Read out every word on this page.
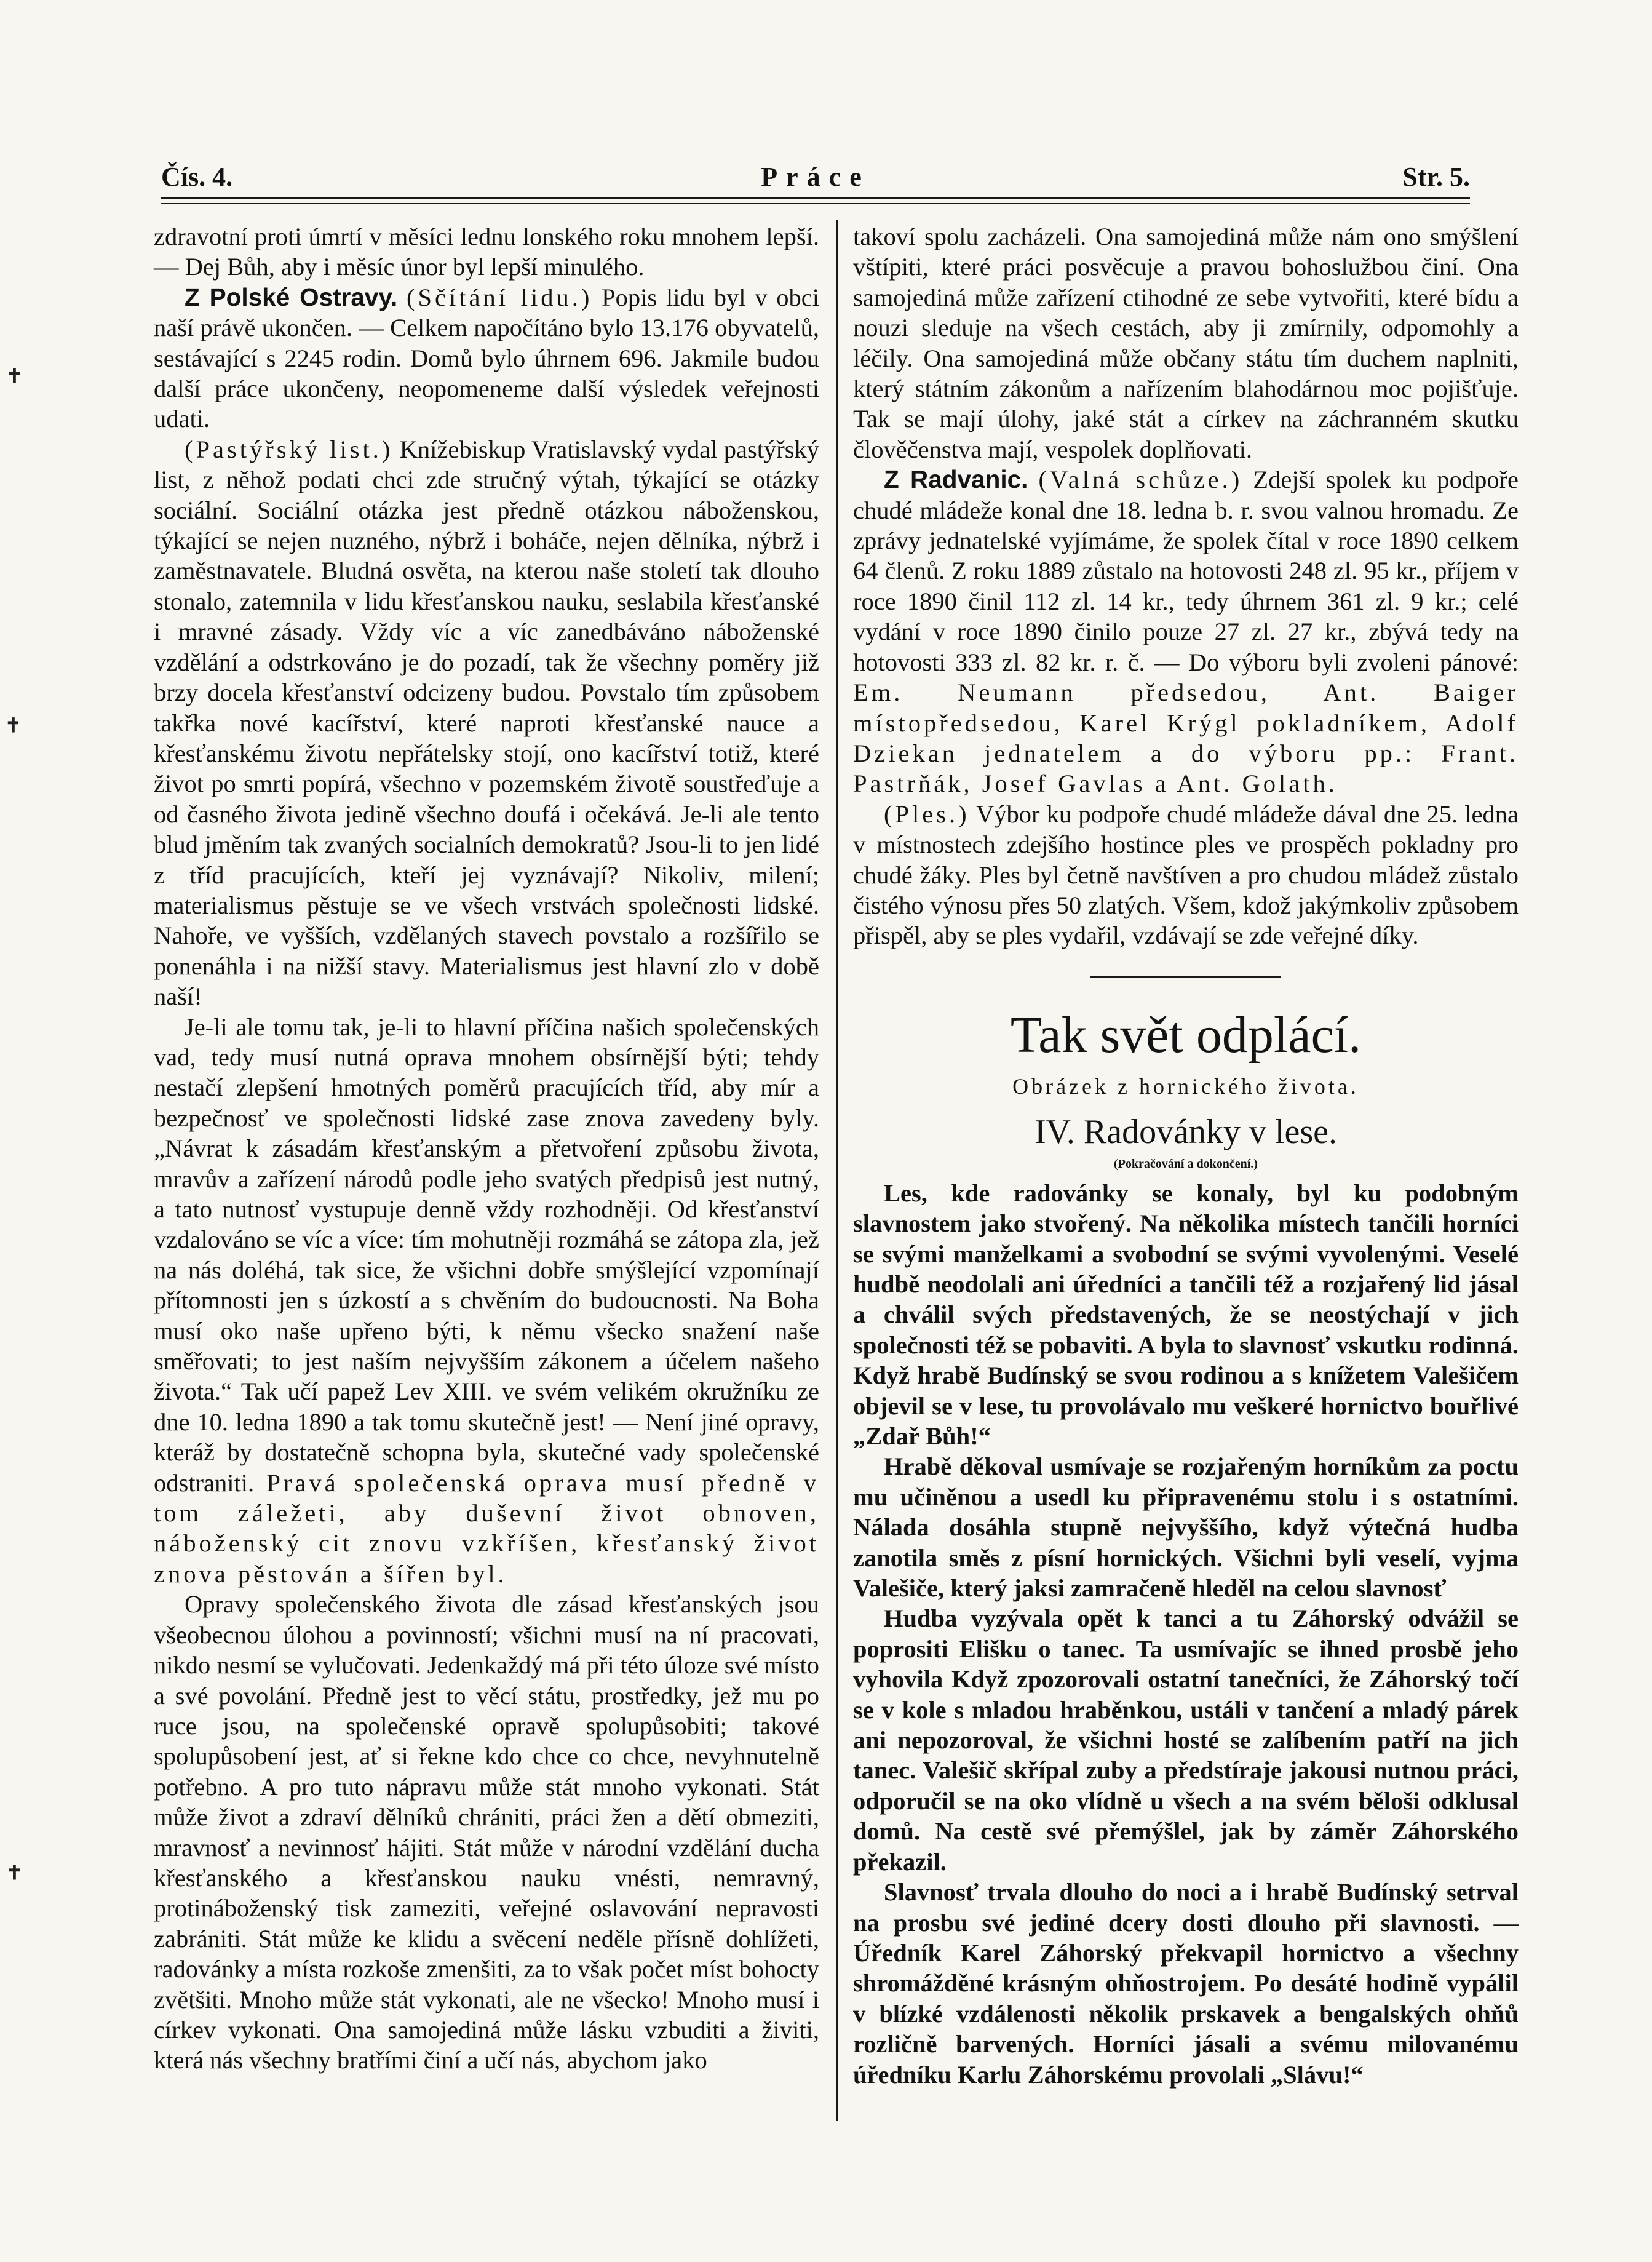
Čís. 4.	Práce	Str. 5.
✝
✝
✝

zdravotní proti úmrtí v měsíci lednu lonského roku mnohem lepší. — Dej Bůh, aby i měsíc únor byl lepší minulého.

Z Polské Ostravy. (Sčítání lidu.) Popis lidu byl v obci naší právě ukončen. — Celkem napočítáno bylo 13.176 obyvatelů, sestávající s 2245 rodin. Domů bylo úhrnem 696. Jakmile budou další práce ukončeny, neopomeneme další výsledek veřejnosti udati.

(Pastýřský list.) Knížebiskup Vratislavský vydal pastýřský list, z něhož podati chci zde stručný výtah, týkající se otázky sociální. Sociální otázka jest předně otázkou náboženskou, týkající se nejen nuzného, nýbrž i boháče, nejen dělníka, nýbrž i zaměstnavatele. Bludná osvěta, na kterou naše století tak dlouho stonalo, zatemnila v lidu křesťanskou nauku, seslabila křesťanské i mravné zásady. Vždy víc a víc zanedbáváno náboženské vzdělání a odstrkováno je do pozadí, tak že všechny poměry již brzy docela křesťanství odcizeny budou. Povstalo tím způsobem takřka nové kacířství, které naproti křesťanské nauce a křesťanskému životu nepřátelsky stojí, ono kacířství totiž, které život po smrti popírá, všechno v pozemském životě soustřeďuje a od časného života jedině všechno doufá i očekává. Je-li ale tento blud jměním tak zvaných socialních demokratů? Jsou-li to jen lidé z tříd pracujících, kteří jej vyznávají? Nikoliv, milení; materialismus pěstuje se ve všech vrstvách společnosti lidské. Nahoře, ve vyšších, vzdělaných stavech povstalo a rozšířilo se ponenáhla i na nižší stavy. Materialismus jest hlavní zlo v době naší!

Je-li ale tomu tak, je-li to hlavní příčina našich společenských vad, tedy musí nutná oprava mnohem obsírnější býti; tehdy nestačí zlepšení hmotných poměrů pracujících tříd, aby mír a bezpečnosť ve společnosti lidské zase znova zavedeny byly. „Návrat k zásadám křesťanským a přetvoření způsobu života, mravův a zařízení národů podle jeho svatých předpisů jest nutný, a tato nutnosť vystupuje denně vždy rozhodněji. Od křesťanství vzdalováno se víc a více: tím mohutněji rozmáhá se zátopa zla, jež na nás doléhá, tak sice, že všichni dobře smýšlející vzpomínají přítomnosti jen s úzkostí a s chvěním do budoucnosti. Na Boha musí oko naše upřeno býti, k němu všecko snažení naše směřovati; to jest naším nejvyšším zákonem a účelem našeho života.“ Tak učí papež Lev XIII. ve svém velikém okružníku ze dne 10. ledna 1890 a tak tomu skutečně jest! — Není jiné opravy, kteráž by dostatečně schopna byla, skutečné vady společenské odstraniti. Pravá společenská oprava musí předně v tom záležeti, aby duševní život obnoven, náboženský cit znovu vzkříšen, křesťanský život znova pěstován a šířen byl.

Opravy společenského života dle zásad křesťanských jsou všeobecnou úlohou a povinností; všichni musí na ní pracovati, nikdo nesmí se vylučovati. Jedenkaždý má při této úloze své místo a své povolání. Předně jest to věcí státu, prostředky, jež mu po ruce jsou, na společenské opravě spolupůsobiti; takové spolupůsobení jest, ať si řekne kdo chce co chce, nevyhnutelně potřebno. A pro tuto nápravu může stát mnoho vykonati. Stát může život a zdraví dělníků chrániti, práci žen a dětí obmeziti, mravnosť a nevinnosť hájiti. Stát může v národní vzdělání ducha křesťanského a křesťanskou nauku vnésti, nemravný, protináboženský tisk zameziti, veřejné oslavování nepravosti zabrániti. Stát může ke klidu a svěcení neděle přísně dohlížeti, radovánky a místa rozkoše zmenšiti, za to však počet míst bohocty zvětšiti. Mnoho může stát vykonati, ale ne všecko! Mnoho musí i církev vykonati. Ona samojediná může lásku vzbuditi a živiti, která nás všechny bratřími činí a učí nás, abychom jako

takoví spolu zacházeli. Ona samojediná může nám ono smýšlení vštípiti, které práci posvěcuje a pravou bohoslužbou činí. Ona samojediná může zařízení ctihodné ze sebe vytvořiti, které bídu a nouzi sleduje na všech cestách, aby ji zmírnily, odpomohly a léčily. Ona samojediná může občany státu tím duchem naplniti, který státním zákonům a nařízením blahodárnou moc pojišťuje. Tak se mají úlohy, jaké stát a církev na záchranném skutku člověčenstva mají, vespolek doplňovati.

Z Radvanic. (Valná schůze.) Zdejší spolek ku podpoře chudé mládeže konal dne 18. ledna b. r. svou valnou hromadu. Ze zprávy jednatelské vyjímáme, že spolek čítal v roce 1890 celkem 64 členů. Z roku 1889 zůstalo na hotovosti 248 zl. 95 kr., příjem v roce 1890 činil 112 zl. 14 kr., tedy úhrnem 361 zl. 9 kr.; celé vydání v roce 1890 činilo pouze 27 zl. 27 kr., zbývá tedy na hotovosti 333 zl. 82 kr. r. č. — Do výboru byli zvoleni pánové: Em. Neumann předsedou, Ant. Baiger místopředsedou, Karel Krýgl pokladníkem, Adolf Dziekan jednatelem a do výboru pp.: Frant. Pastrňák, Josef Gavlas a Ant. Golath.

(Ples.) Výbor ku podpoře chudé mládeže dával dne 25. ledna v místnostech zdejšího hostince ples ve prospěch pokladny pro chudé žáky. Ples byl četně navštíven a pro chudou mládež zůstalo čistého výnosu přes 50 zlatých. Všem, kdož jakýmkoliv způsobem přispěl, aby se ples vydařil, vzdávají se zde veřejné díky.

Tak svět odplácí.
Obrázek z hornického života.
IV. Radovánky v lese.
(Pokračování a dokončení.)

Les, kde radovánky se konaly, byl ku podobným slavnostem jako stvořený. Na několika místech tančili horníci se svými manželkami a svobodní se svými vyvolenými. Veselé hudbě neodolali ani úředníci a tančili též a rozjařený lid jásal a chválil svých představených, že se neostýchají v jich společnosti též se pobaviti. A byla to slavnosť vskutku rodinná. Když hrabě Budínský se svou rodinou a s knížetem Valešičem objevil se v lese, tu provolávalo mu veškeré hornictvo bouřlivé „Zdař Bůh!“

Hrabě děkoval usmívaje se rozjařeným horníkům za poctu mu učiněnou a usedl ku připravenému stolu i s ostatními. Nálada dosáhla stupně nejvyššího, když výtečná hudba zanotila směs z písní hornických. Všichni byli veselí, vyjma Valešiče, který jaksi zamračeně hleděl na celou slavnosť

Hudba vyzývala opět k tanci a tu Záhorský odvážil se poprositi Elišku o tanec. Ta usmívajíc se ihned prosbě jeho vyhovila Když zpozorovali ostatní tanečníci, že Záhorský točí se v kole s mladou hraběnkou, ustáli v tančení a mladý párek ani nepozoroval, že všichni hosté se zalíbením patří na jich tanec. Valešič skřípal zuby a předstíraje jakousi nutnou práci, odporučil se na oko vlídně u všech a na svém běloši odklusal domů. Na cestě své přemýšlel, jak by záměr Záhorského překazil.

Slavnosť trvala dlouho do noci a i hrabě Budínský setrval na prosbu své jediné dcery dosti dlouho při slavnosti. — Úředník Karel Záhorský překvapil hornictvo a všechny shromážděné krásným ohňostrojem. Po desáté hodině vypálil v blízké vzdálenosti několik prskavek a bengalských ohňů rozličně barvených. Horníci jásali a svému milovanému úředníku Karlu Záhorskému provolali „Slávu!“
